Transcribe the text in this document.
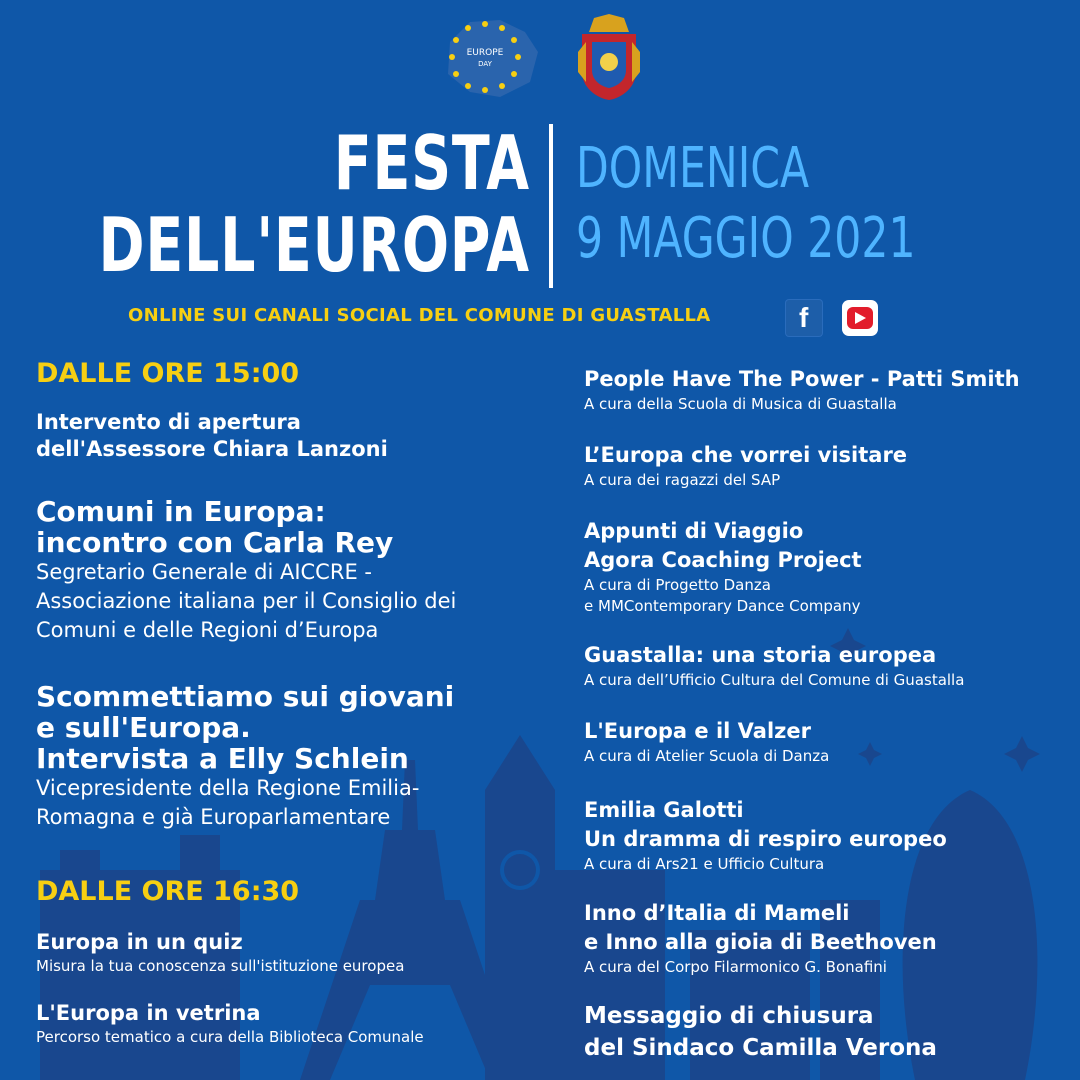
EUROPE
DAY
FESTA
DELL'EUROPA
DOMENICA
9 MAGGIO 2021
ONLINE SUI CANALI SOCIAL DEL COMUNE DI GUASTALLA	f
DALLE ORE 15:00
Intervento di apertura
dell'Assessore Chiara Lanzoni
Comuni in Europa:
incontro con Carla Rey
Segretario Generale di AICCRE -
Associazione italiana per il Consiglio dei
Comuni e delle Regioni d’Europa
Scommettiamo sui giovani
e sull'Europa.
Intervista a Elly Schlein
Vicepresidente della Regione Emilia-
Romagna e già Europarlamentare
DALLE ORE 16:30
Europa in un quiz
Misura la tua conoscenza sull'istituzione europea
L'Europa in vetrina
Percorso tematico a cura della Biblioteca Comunale
People Have The Power - Patti Smith
A cura della Scuola di Musica di Guastalla
L’Europa che vorrei visitare
A cura dei ragazzi del SAP
Appunti di Viaggio
Agora Coaching Project
A cura di Progetto Danza
e MMContemporary Dance Company
Guastalla: una storia europea
A cura dell’Ufficio Cultura del Comune di Guastalla
L'Europa e il Valzer
A cura di Atelier Scuola di Danza
Emilia Galotti
Un dramma di respiro europeo
A cura di Ars21 e Ufficio Cultura
Inno d’Italia di Mameli
e Inno alla gioia di Beethoven
A cura del Corpo Filarmonico G. Bonafini
Messaggio di chiusura
del Sindaco Camilla Verona
